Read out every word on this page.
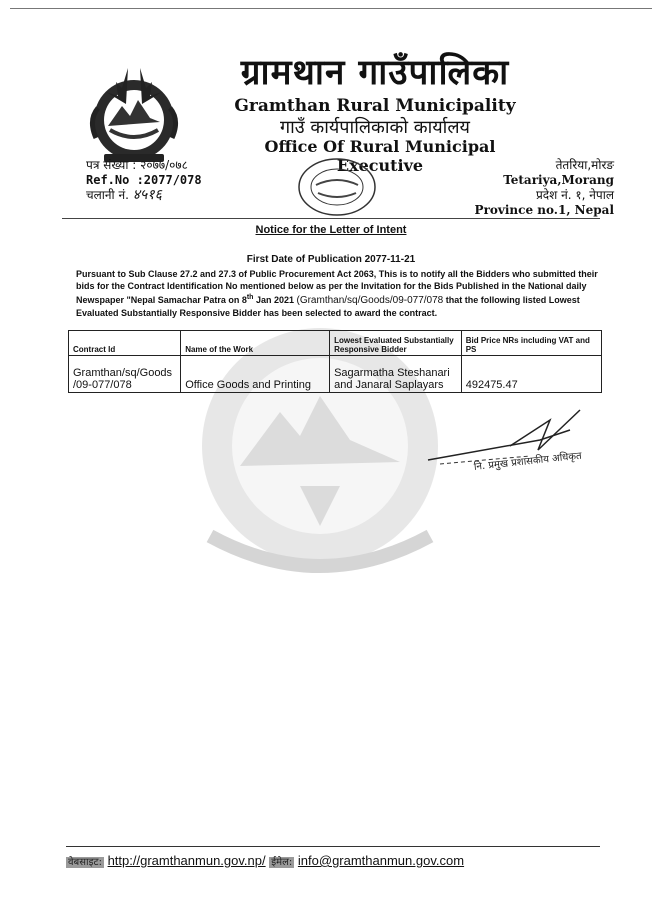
ग्रामथान गाउँपालिका
Gramthan Rural Municipality
गाउँ कार्यपालिकाको कार्यालय
Office Of Rural Municipal Executive
पत्र संख्या : २०७७/०७८
Ref.No :2077/078
चलानी नं. ४५१६
तेतरिया,मोरङ
Tetariya,Morang
प्रदेश नं. १, नेपाल
Province no.1, Nepal
Notice for the Letter of Intent
First Date of Publication 2077-11-21
Pursuant to Sub Clause 27.2 and 27.3 of Public Procurement Act 2063, This is to notify all the Bidders who submitted their bids for the Contract Identification No mentioned below as per the Invitation for the Bids Published in the National daily Newspaper "Nepal Samachar Patra on 8th Jan 2021 (Gramthan/sq/Goods/09-077/078 that the following listed Lowest Evaluated Substantially Responsive Bidder has been selected to award the contract.
Contract Id	Name of the Work	Lowest Evaluated Substantially Responsive Bidder	Bid Price NRs including VAT and PS
Gramthan/sq/Goods /09-077/078	Office Goods and Printing	Sagarmatha Steshanari and Janaral Saplayars	492475.47
नि. प्रमुख प्रशासकीय अधिकृत
वेबसाइट: http://gramthanmun.gov.np/ ईमेल: info@gramthanmun.gov.com
